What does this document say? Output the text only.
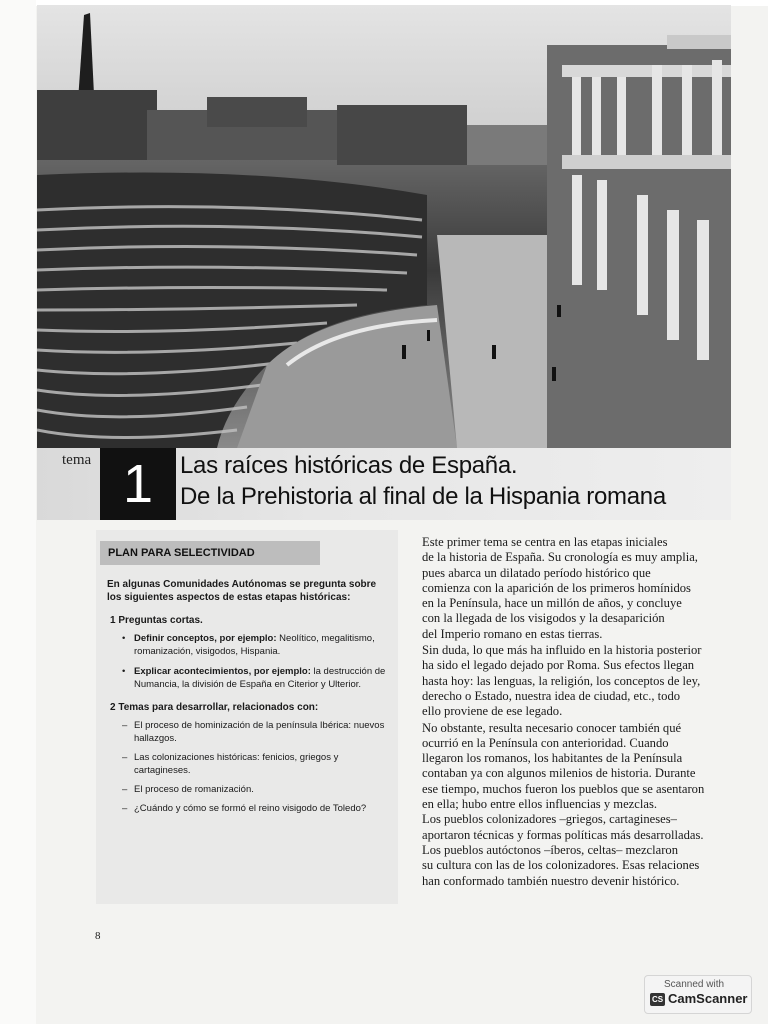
tema 1	Las raíces históricas de España.
De la Prehistoria al final de la Hispania romana
PLAN PARA SELECTIVIDAD
En algunas Comunidades Autónomas se pregunta sobre los siguientes aspectos de estas etapas históricas:
1 Preguntas cortas.
• Definir conceptos, por ejemplo: Neolítico, megalitismo, romanización, visigodos, Hispania.
• Explicar acontecimientos, por ejemplo: la destrucción de Numancia, la división de España en Citerior y Ulterior.
2 Temas para desarrollar, relacionados con:
– El proceso de hominización de la península Ibérica: nuevos hallazgos.
– Las colonizaciones históricas: fenicios, griegos y cartagineses.
– El proceso de romanización.
– ¿Cuándo y cómo se formó el reino visigodo de Toledo?

Este primer tema se centra en las etapas iniciales
de la historia de España. Su cronología es muy amplia,
pues abarca un dilatado período histórico que
comienza con la aparición de los primeros homínidos
en la Península, hace un millón de años, y concluye
con la llegada de los visigodos y la desaparición
del Imperio romano en estas tierras.

Sin duda, lo que más ha influido en la historia posterior
ha sido el legado dejado por Roma. Sus efectos llegan
hasta hoy: las lenguas, la religión, los conceptos de ley,
derecho o Estado, nuestra idea de ciudad, etc., todo
ello proviene de ese legado.

No obstante, resulta necesario conocer también qué
ocurrió en la Península con anterioridad. Cuando
llegaron los romanos, los habitantes de la Península
contaban ya con algunos milenios de historia. Durante
ese tiempo, muchos fueron los pueblos que se asentaron
en ella; hubo entre ellos influencias y mezclas.
Los pueblos colonizadores –griegos, cartagineses–
aportaron técnicas y formas políticas más desarrolladas.
Los pueblos autóctonos –íberos, celtas– mezclaron
su cultura con las de los colonizadores. Esas relaciones
han conformado también nuestro devenir histórico.

8
Scanned with
CS CamScanner
